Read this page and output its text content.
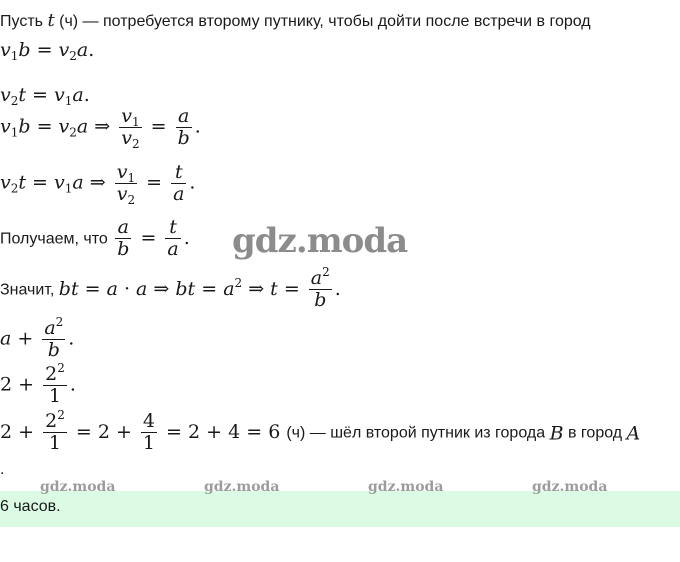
Пусть t (ч) — потребуется второму путнику, чтобы дойти после встречи в город
$v_1b = v_2a$.
$v_2t = v_1a$.
$v_1b = v_2a$ ⇒ $\frac{v_1}{v_2} = \frac{a}{b}$ .
$v_2t = v_1a$ ⇒ $\frac{v_1}{v_2} = \frac{t}{a}$ .
Получаем, что $\frac{a}{b} = \frac{t}{a}$ . gdz.moda
Значит, bt = a · a ⇒ bt = $a^2$ ⇒ $t = \frac{a^2}{b}$ .
$a + \frac{a^2}{b}$ .
$2 + \frac{2^2}{1}$ .
$2 + \frac{2^2}{1} = 2 + \frac{4}{1} = 2 + 4 = 6$ (ч) — шёл второй путник из города B в город A
.
6 часов.
gdz.moda	gdz.moda	gdz.moda	gdz.moda
